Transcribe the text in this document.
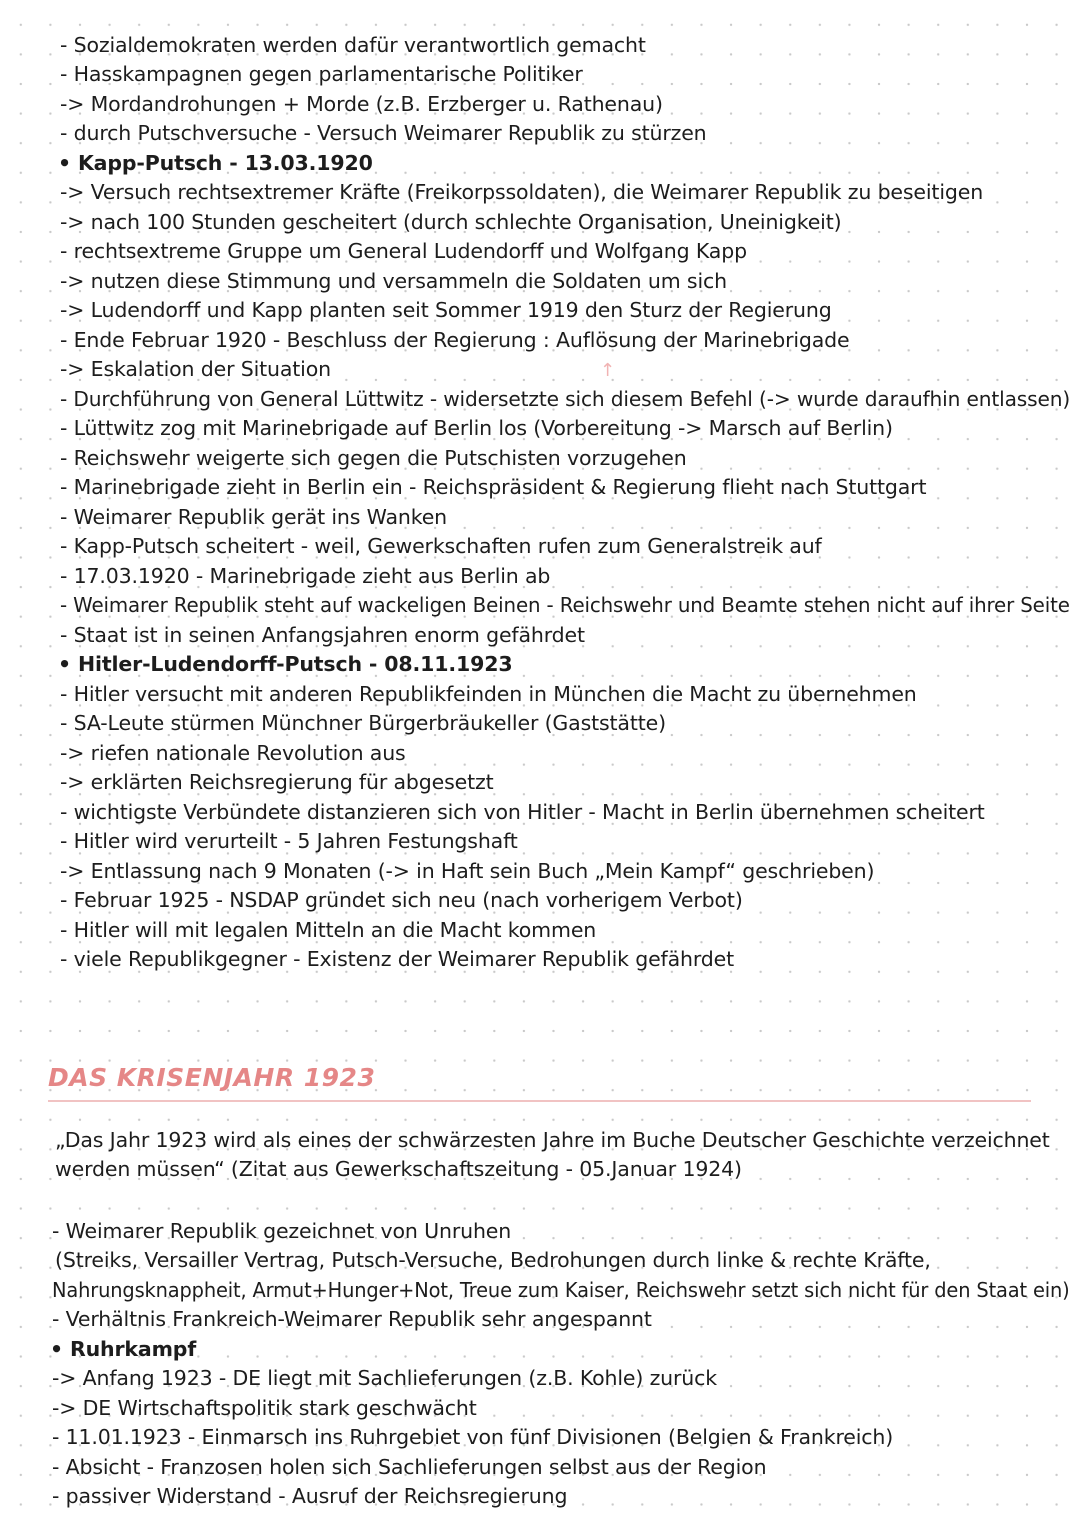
- Sozialdemokraten werden dafür verantwortlich gemacht
- Hasskampagnen gegen parlamentarische Politiker
-> Mordandrohungen + Morde (z.B. Erzberger u. Rathenau)
- durch Putschversuche - Versuch Weimarer Republik zu stürzen
• Kapp-Putsch - 13.03.1920
-> Versuch rechtsextremer Kräfte (Freikorpssoldaten), die Weimarer Republik zu beseitigen
-> nach 100 Stunden gescheitert (durch schlechte Organisation, Uneinigkeit)
- rechtsextreme Gruppe um General Ludendorff und Wolfgang Kapp
-> nutzen diese Stimmung und versammeln die Soldaten um sich
-> Ludendorff und Kapp planten seit Sommer 1919 den Sturz der Regierung
- Ende Februar 1920 - Beschluss der Regierung : Auflösung der Marinebrigade
-> Eskalation der Situation	↑
- Durchführung von General Lüttwitz - widersetzte sich diesem Befehl (-> wurde daraufhin entlassen)
- Lüttwitz zog mit Marinebrigade auf Berlin los (Vorbereitung -> Marsch auf Berlin)
- Reichswehr weigerte sich gegen die Putschisten vorzugehen
- Marinebrigade zieht in Berlin ein - Reichspräsident & Regierung flieht nach Stuttgart
- Weimarer Republik gerät ins Wanken
- Kapp-Putsch scheitert - weil, Gewerkschaften rufen zum Generalstreik auf
- 17.03.1920 - Marinebrigade zieht aus Berlin ab
- Weimarer Republik steht auf wackeligen Beinen - Reichswehr und Beamte stehen nicht auf ihrer Seite
- Staat ist in seinen Anfangsjahren enorm gefährdet
• Hitler-Ludendorff-Putsch - 08.11.1923
- Hitler versucht mit anderen Republikfeinden in München die Macht zu übernehmen
- SA-Leute stürmen Münchner Bürgerbräukeller (Gaststätte)
-> riefen nationale Revolution aus
-> erklärten Reichsregierung für abgesetzt
- wichtigste Verbündete distanzieren sich von Hitler - Macht in Berlin übernehmen scheitert
- Hitler wird verurteilt - 5 Jahren Festungshaft
-> Entlassung nach 9 Monaten (-> in Haft sein Buch „Mein Kampf“ geschrieben)
- Februar 1925 - NSDAP gründet sich neu (nach vorherigem Verbot)
- Hitler will mit legalen Mitteln an die Macht kommen
- viele Republikgegner - Existenz der Weimarer Republik gefährdet
DAS KRISENJAHR 1923
„Das Jahr 1923 wird als eines der schwärzesten Jahre im Buche Deutscher Geschichte verzeichnet
werden müssen“ (Zitat aus Gewerkschaftszeitung - 05.Januar 1924)
- Weimarer Republik gezeichnet von Unruhen
(Streiks, Versailler Vertrag, Putsch-Versuche, Bedrohungen durch linke & rechte Kräfte,
Nahrungsknappheit, Armut+Hunger+Not, Treue zum Kaiser, Reichswehr setzt sich nicht für den Staat ein)
- Verhältnis Frankreich-Weimarer Republik sehr angespannt
• Ruhrkampf
-> Anfang 1923 - DE liegt mit Sachlieferungen (z.B. Kohle) zurück
-> DE Wirtschaftspolitik stark geschwächt
- 11.01.1923 - Einmarsch ins Ruhrgebiet von fünf Divisionen (Belgien & Frankreich)
- Absicht - Franzosen holen sich Sachlieferungen selbst aus der Region
- passiver Widerstand - Ausruf der Reichsregierung
